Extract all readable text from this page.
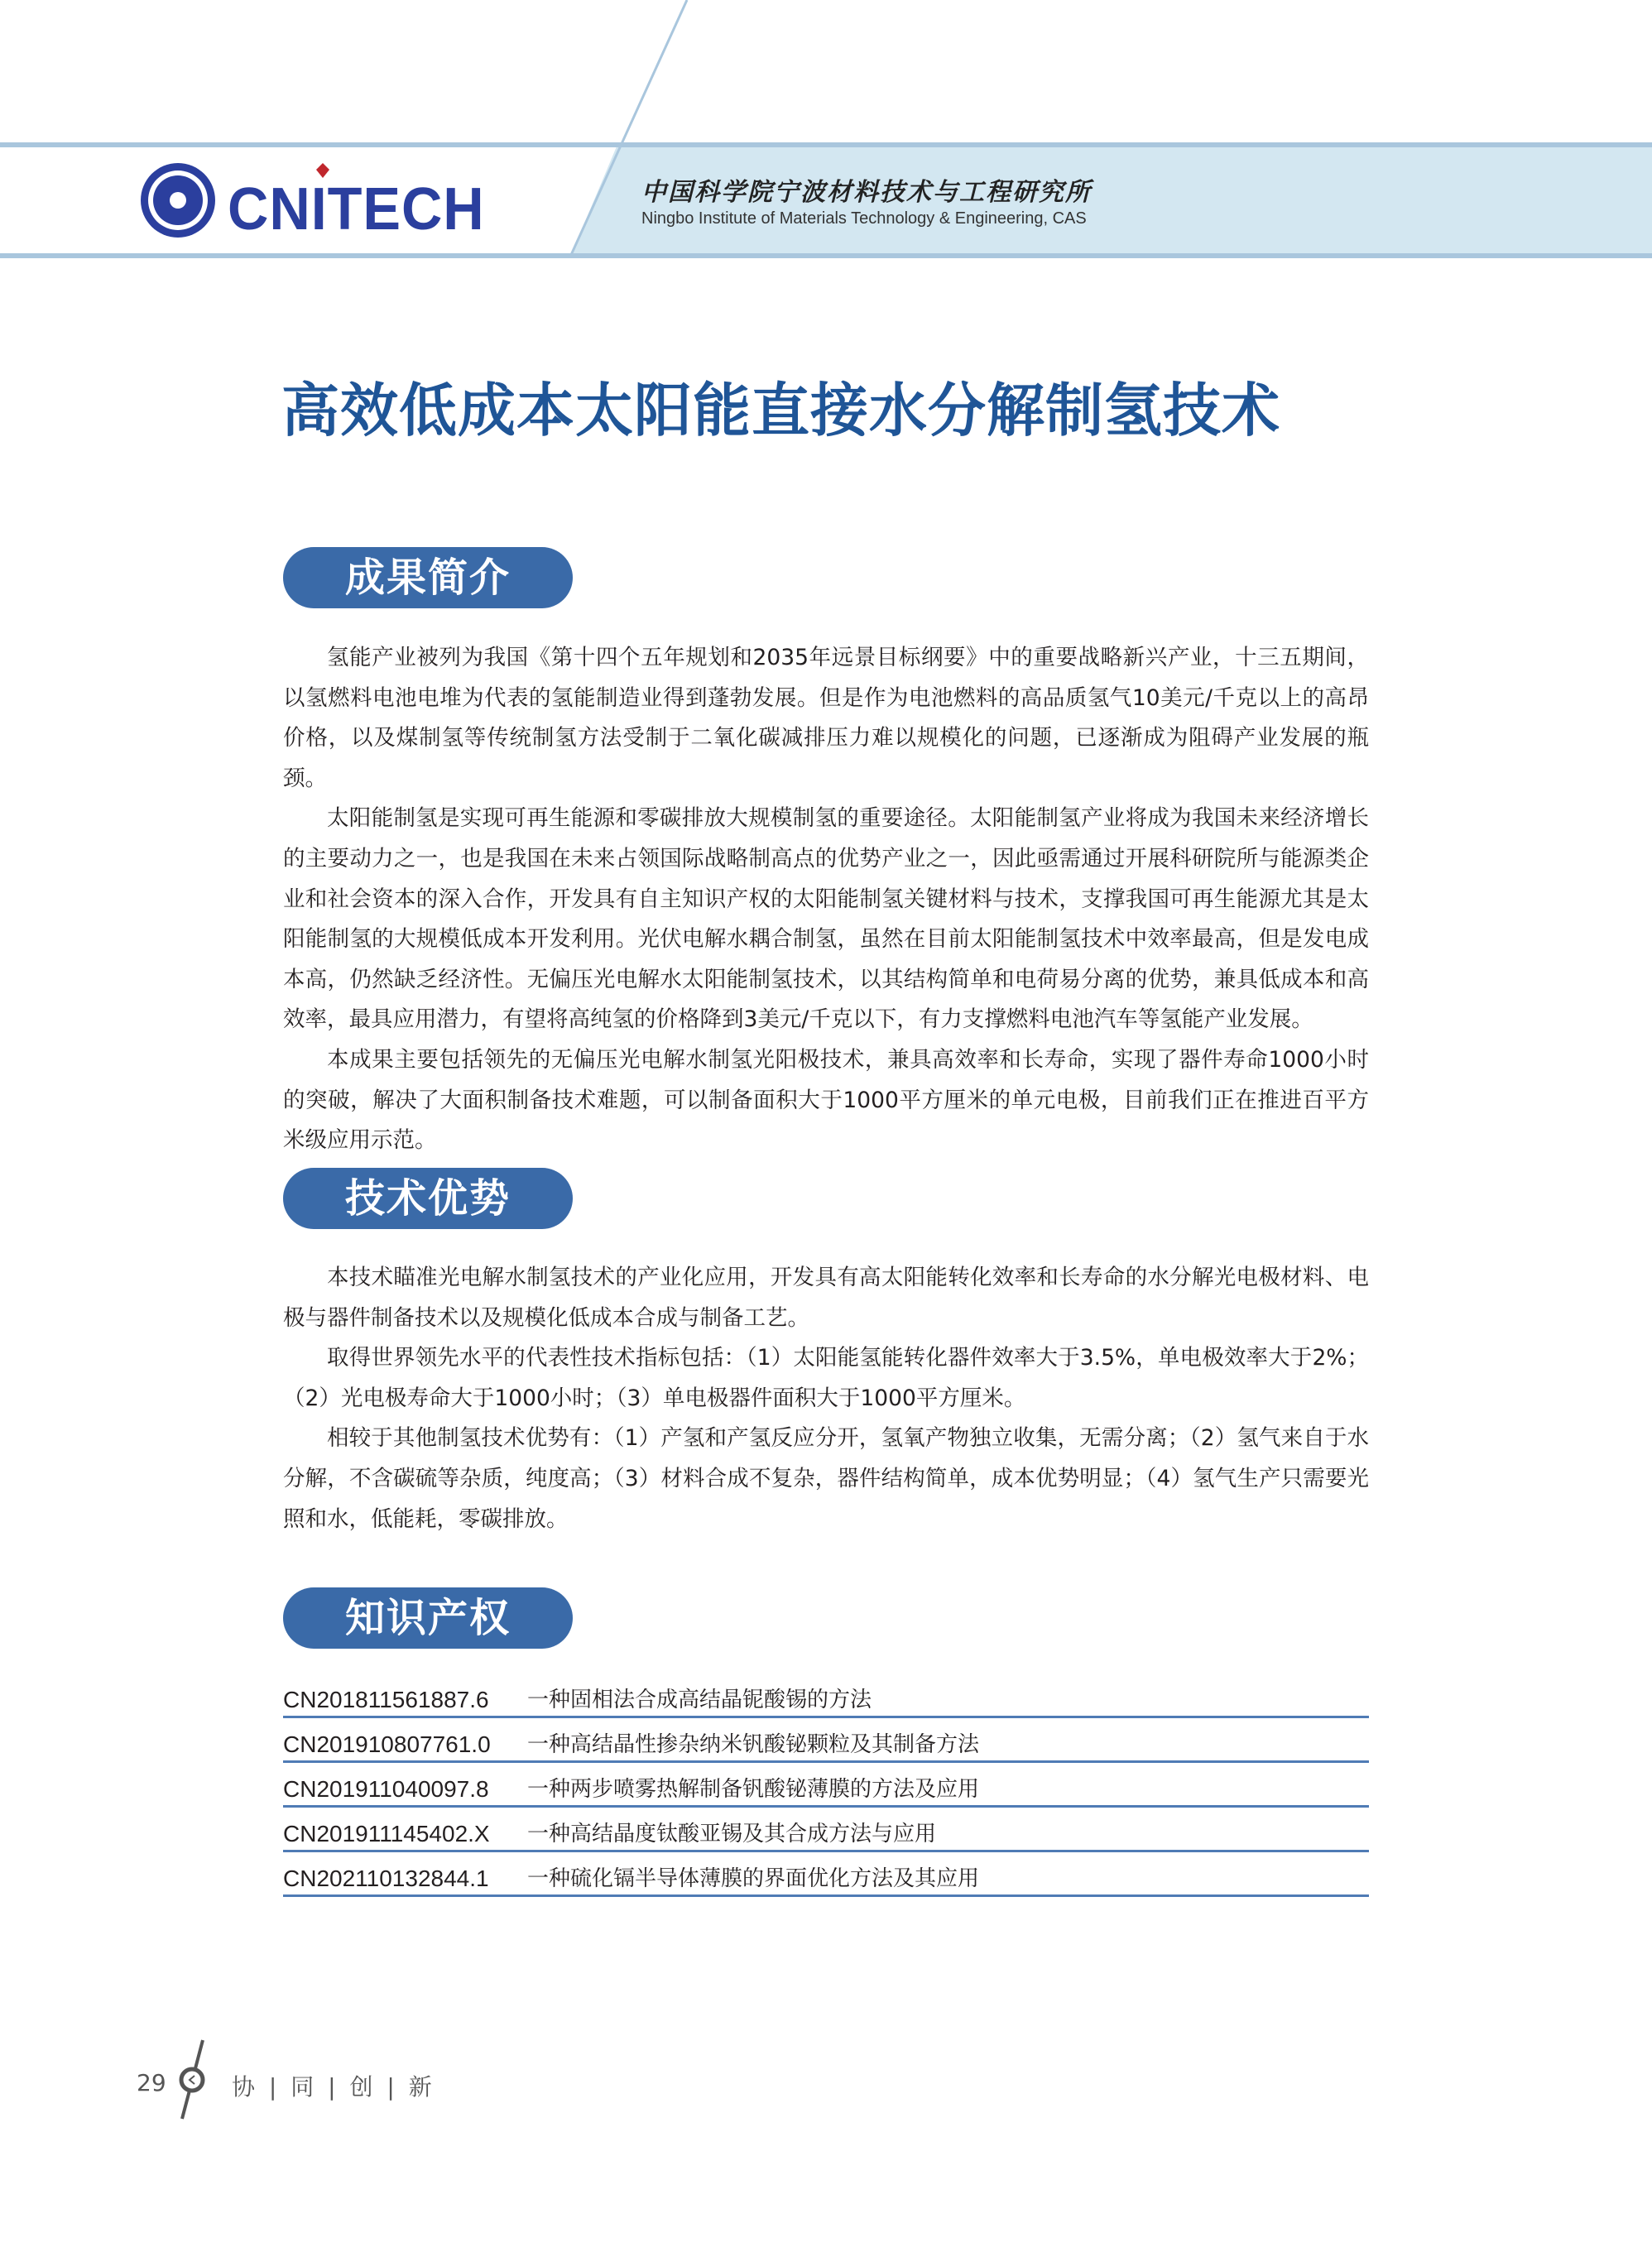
CNITECH	中国科学院宁波材料技术与工程研究所
Ningbo Institute of Materials Technology & Engineering, CAS
高效低成本太阳能直接水分解制氢技术
成果简介

氢能产业被列为我国《第十四个五年规划和2035年远景目标纲要》中的重要战略新兴产业，十三五期间，以氢燃料电池电堆为代表的氢能制造业得到蓬勃发展。但是作为电池燃料的高品质氢气10美元/千克以上的高昂价格，以及煤制氢等传统制氢方法受制于二氧化碳减排压力难以规模化的问题，已逐渐成为阻碍产业发展的瓶颈。

太阳能制氢是实现可再生能源和零碳排放大规模制氢的重要途径。太阳能制氢产业将成为我国未来经济增长的主要动力之一，也是我国在未来占领国际战略制高点的优势产业之一，因此亟需通过开展科研院所与能源类企业和社会资本的深入合作，开发具有自主知识产权的太阳能制氢关键材料与技术，支撑我国可再生能源尤其是太阳能制氢的大规模低成本开发利用。光伏电解水耦合制氢，虽然在目前太阳能制氢技术中效率最高，但是发电成本高，仍然缺乏经济性。无偏压光电解水太阳能制氢技术，以其结构简单和电荷易分离的优势，兼具低成本和高效率，最具应用潜力，有望将高纯氢的价格降到3美元/千克以下，有力支撑燃料电池汽车等氢能产业发展。

本成果主要包括领先的无偏压光电解水制氢光阳极技术，兼具高效率和长寿命，实现了器件寿命1000小时的突破，解决了大面积制备技术难题，可以制备面积大于1000平方厘米的单元电极，目前我们正在推进百平方米级应用示范。

技术优势

本技术瞄准光电解水制氢技术的产业化应用，开发具有高太阳能转化效率和长寿命的水分解光电极材料、电极与器件制备技术以及规模化低成本合成与制备工艺。

取得世界领先水平的代表性技术指标包括：（1）太阳能氢能转化器件效率大于3.5%，单电极效率大于2%；（2）光电极寿命大于1000小时；（3）单电极器件面积大于1000平方厘米。

相较于其他制氢技术优势有：（1）产氢和产氢反应分开，氢氧产物独立收集，无需分离；（2）氢气来自于水分解，不含碳硫等杂质，纯度高；（3）材料合成不复杂，器件结构简单，成本优势明显；（4）氢气生产只需要光照和水，低能耗，零碳排放。

知识产权
CN201811561887.6	一种固相法合成高结晶铌酸锡的方法
CN201910807761.0	一种高结晶性掺杂纳米钒酸铋颗粒及其制备方法
CN201911040097.8	一种两步喷雾热解制备钒酸铋薄膜的方法及应用
CN201911145402.X	一种高结晶度钛酸亚锡及其合成方法与应用
CN202110132844.1	一种硫化镉半导体薄膜的界面优化方法及其应用
29	协 | 同 | 创 | 新
